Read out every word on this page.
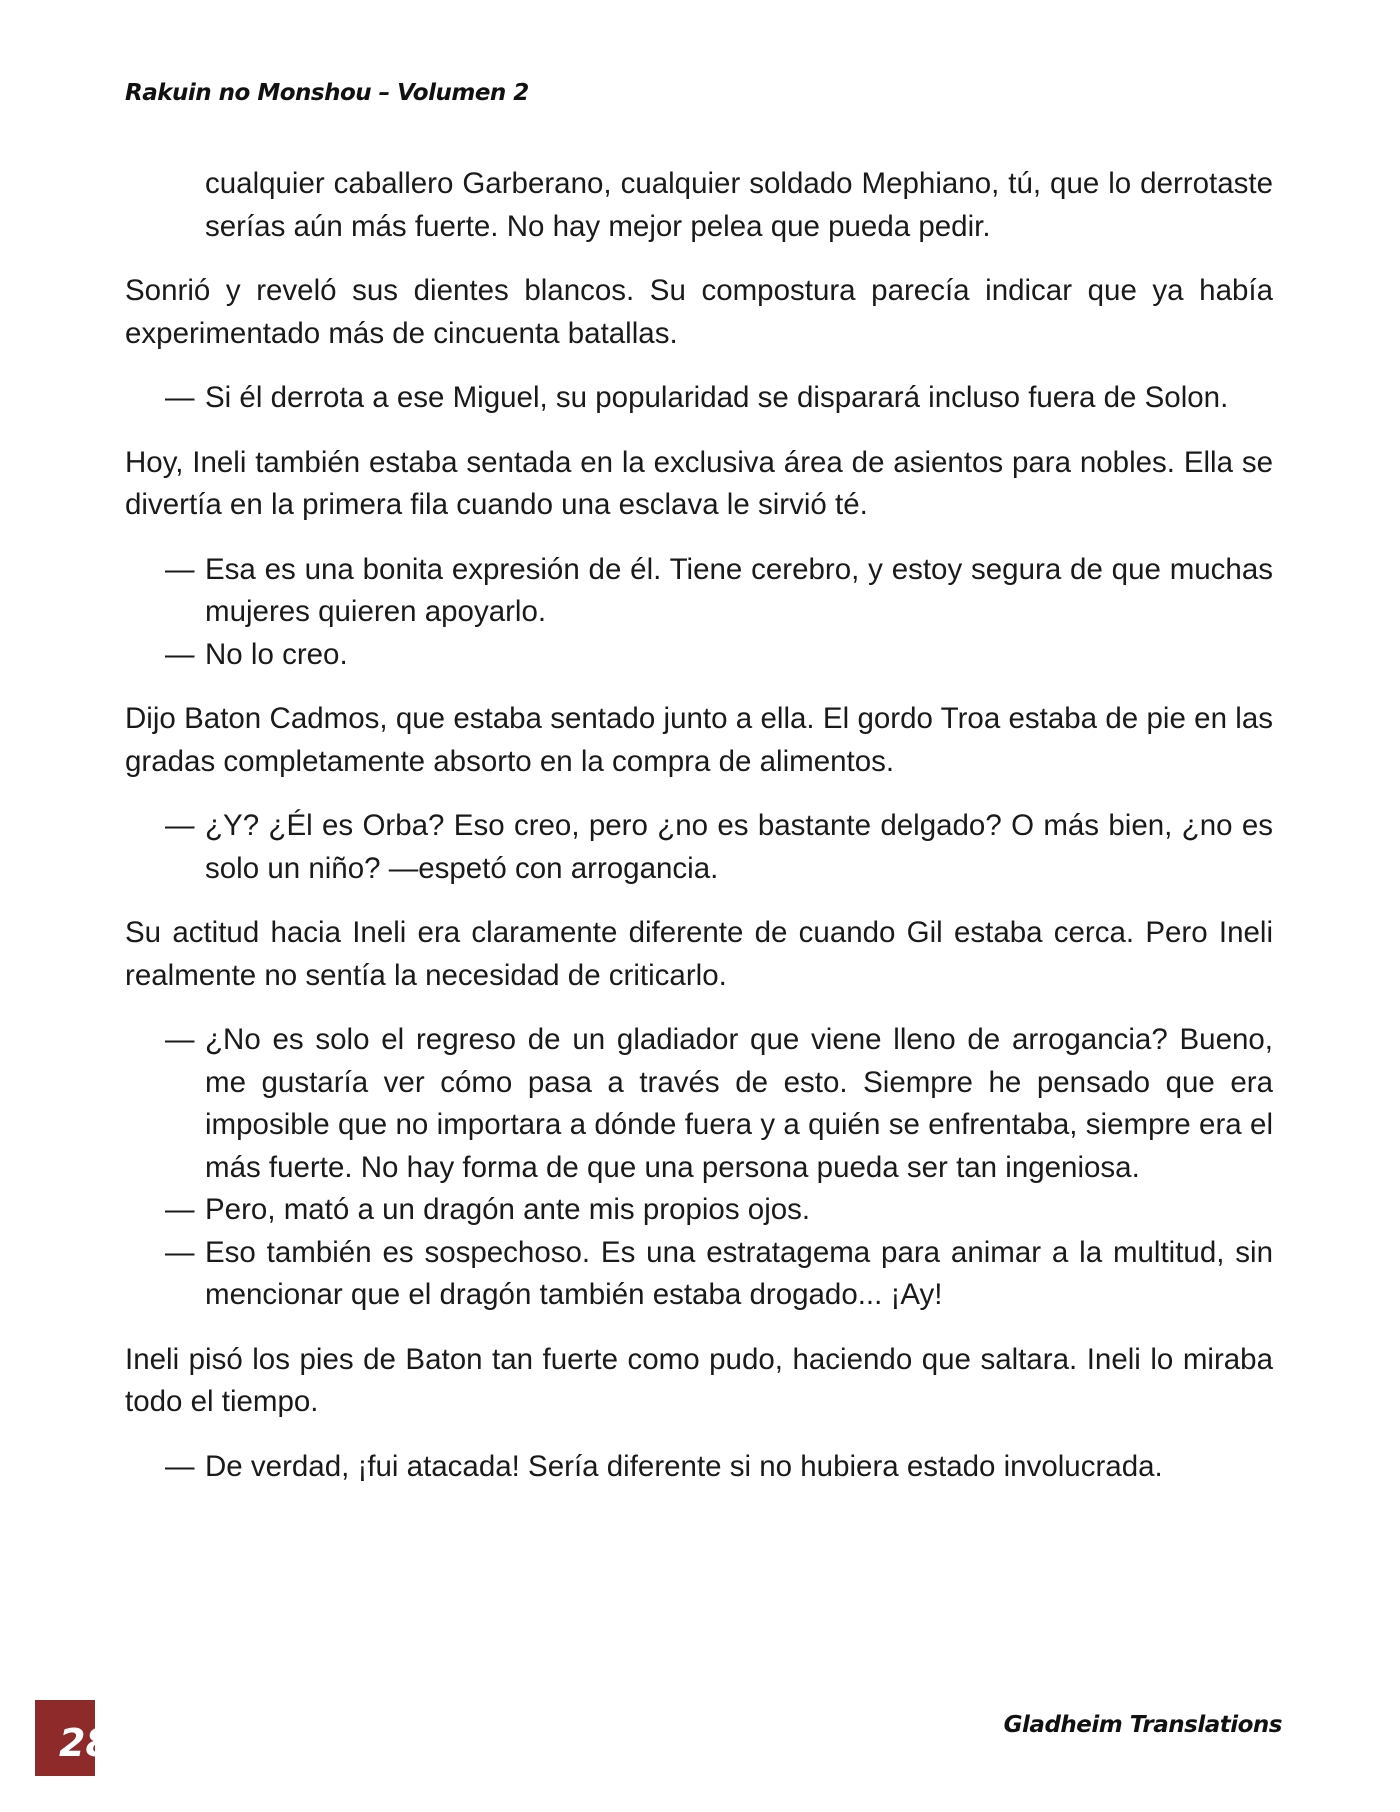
Rakuin no Monshou – Volumen 2
cualquier caballero Garberano, cualquier soldado Mephiano, tú, que lo derrotaste serías aún más fuerte. No hay mejor pelea que pueda pedir.

Sonrió y reveló sus dientes blancos. Su compostura parecía indicar que ya había experimentado más de cincuenta batallas.

— Si él derrota a ese Miguel, su popularidad se disparará incluso fuera de Solon.

Hoy, Ineli también estaba sentada en la exclusiva área de asientos para nobles. Ella se divertía en la primera fila cuando una esclava le sirvió té.

— Esa es una bonita expresión de él. Tiene cerebro, y estoy segura de que muchas mujeres quieren apoyarlo.
— No lo creo.

Dijo Baton Cadmos, que estaba sentado junto a ella. El gordo Troa estaba de pie en las gradas completamente absorto en la compra de alimentos.

— ¿Y? ¿Él es Orba? Eso creo, pero ¿no es bastante delgado? O más bien, ¿no es solo un niño? —espetó con arrogancia.

Su actitud hacia Ineli era claramente diferente de cuando Gil estaba cerca. Pero Ineli realmente no sentía la necesidad de criticarlo.

— ¿No es solo el regreso de un gladiador que viene lleno de arrogancia? Bueno, me gustaría ver cómo pasa a través de esto. Siempre he pensado que era imposible que no importara a dónde fuera y a quién se enfrentaba, siempre era el más fuerte. No hay forma de que una persona pueda ser tan ingeniosa.
— Pero, mató a un dragón ante mis propios ojos.
— Eso también es sospechoso. Es una estratagema para animar a la multitud, sin mencionar que el dragón también estaba drogado... ¡Ay!

Ineli pisó los pies de Baton tan fuerte como pudo, haciendo que saltara. Ineli lo miraba todo el tiempo.

— De verdad, ¡fui atacada! Sería diferente si no hubiera estado involucrada.
28	Gladheim Translations
